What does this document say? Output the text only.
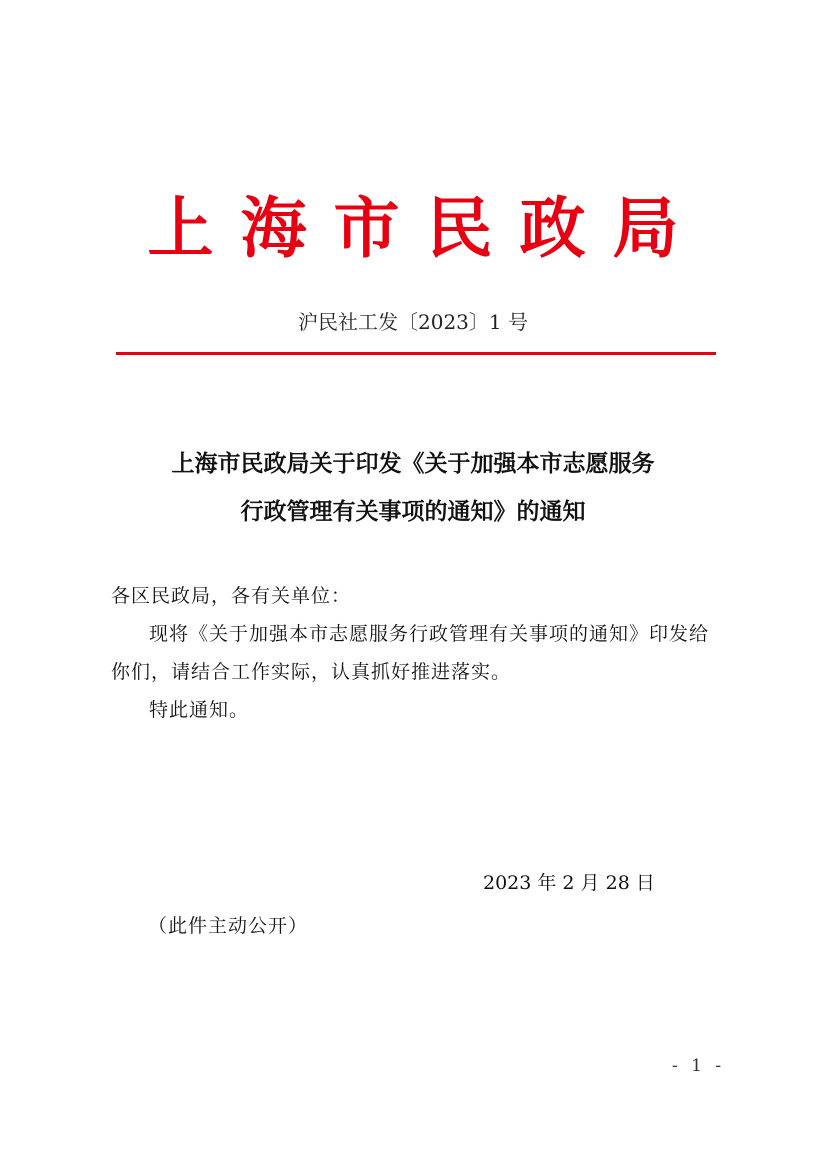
上海市民政局
沪民社工发〔2023〕1 号
上海市民政局关于印发《关于加强本市志愿服务
行政管理有关事项的通知》的通知
各区民政局，各有关单位：
现将《关于加强本市志愿服务行政管理有关事项的通知》印发给你们，请结合工作实际，认真抓好推进落实。
特此通知。
2023 年 2 月 28 日
（此件主动公开）
- 1 -
